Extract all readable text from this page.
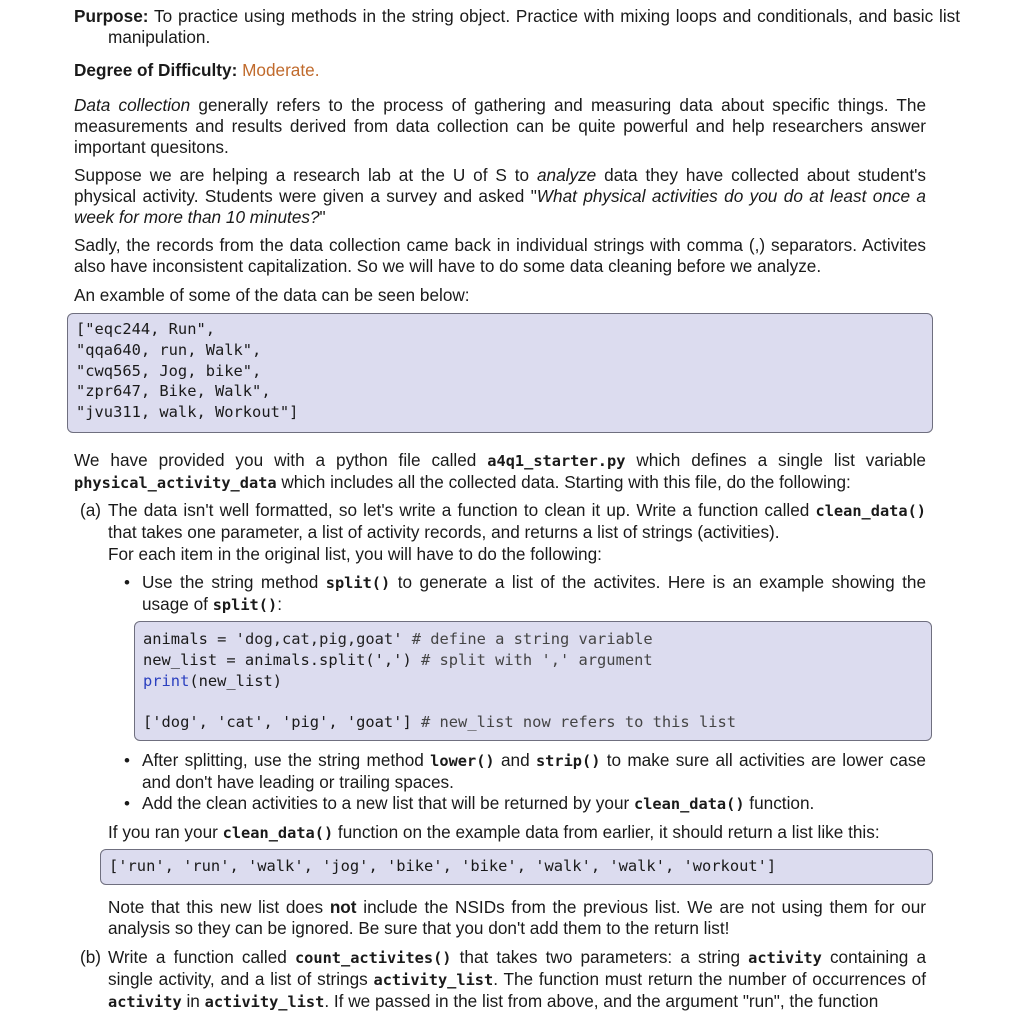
Purpose: To practice using methods in the string object. Practice with mixing loops and conditionals, and basic list manipulation.
Degree of Difficulty: Moderate.
Data collection generally refers to the process of gathering and measuring data about specific things. The measurements and results derived from data collection can be quite powerful and help researchers answer important quesitons.
Suppose we are helping a research lab at the U of S to analyze data they have collected about student's physical activity. Students were given a survey and asked "What physical activities do you do at least once a week for more than 10 minutes?"
Sadly, the records from the data collection came back in individual strings with comma (,) separators. Activites also have inconsistent capitalization. So we will have to do some data cleaning before we analyze.
An examble of some of the data can be seen below:
["eqc244, Run",
"qqa640, run, Walk",
"cwq565, Jog, bike",
"zpr647, Bike, Walk",
"jvu311, walk, Workout"]
We have provided you with a python file called a4q1_starter.py which defines a single list variable physical_activity_data which includes all the collected data. Starting with this file, do the following:
(a) The data isn't well formatted, so let's write a function to clean it up. Write a function called clean_data() that takes one parameter, a list of activity records, and returns a list of strings (activities).
For each item in the original list, you will have to do the following:
• Use the string method split() to generate a list of the activites. Here is an example showing the usage of split():
animals = 'dog,cat,pig,goat' # define a string variable
new_list = animals.split(',') # split with ',' argument
print(new_list)
['dog', 'cat', 'pig', 'goat'] # new_list now refers to this list
• After splitting, use the string method lower() and strip() to make sure all activities are lower case and don't have leading or trailing spaces.
• Add the clean activities to a new list that will be returned by your clean_data() function.
If you ran your clean_data() function on the example data from earlier, it should return a list like this:
['run', 'run', 'walk', 'jog', 'bike', 'bike', 'walk', 'walk', 'workout']
Note that this new list does not include the NSIDs from the previous list. We are not using them for our analysis so they can be ignored. Be sure that you don't add them to the return list!
(b) Write a function called count_activites() that takes two parameters: a string activity containing a single activity, and a list of strings activity_list. The function must return the number of occurrences of activity in activity_list. If we passed in the list from above, and the argument "run", the function
